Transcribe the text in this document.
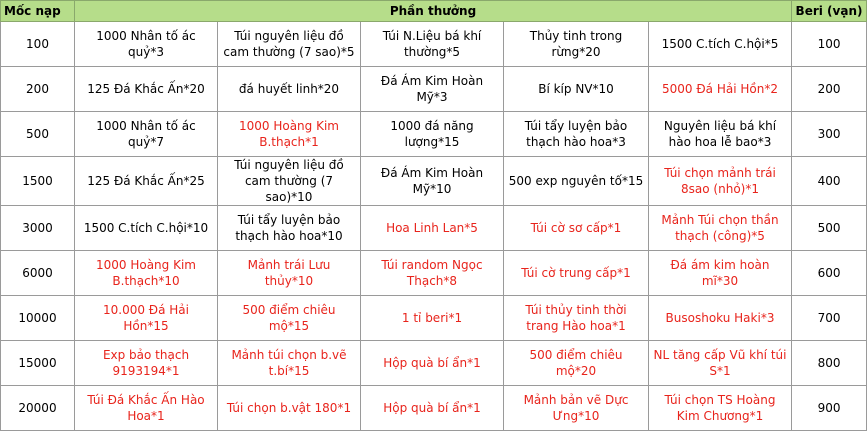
Mốc nạp	Phần thưởng					Beri (vạn)
100	1000 Nhân tố ác quỷ*3	Túi nguyên liệu đồ cam thường (7 sao)*5	Túi N.Liệu bá khí thường*5	Thủy tinh trong rừng*20	1500 C.tích C.hội*5	100
200	125 Đá Khắc Ấn*20	đá huyết linh*20	Đá Ám Kim Hoàn Mỹ*3	Bí kíp NV*10	5000 Đá Hải Hồn*2	200
500	1000 Nhân tố ác quỷ*7	1000 Hoàng Kim B.thạch*1	1000 đá năng lượng*15	Túi tẩy luyện bảo thạch hào hoa*3	Nguyên liệu bá khí hào hoa lễ bao*3	300
1500	125 Đá Khắc Ấn*25	Túi nguyên liệu đồ cam thường (7 sao)*10	Đá Ám Kim Hoàn Mỹ*10	500 exp nguyên tố*15	Túi chọn mảnh trái 8sao (nhỏ)*1	400
3000	1500 C.tích C.hội*10	Túi tẩy luyện bảo thạch hào hoa*10	Hoa Linh Lan*5	Túi cờ sơ cấp*1	Mảnh Túi chọn thần thạch (công)*5	500
6000	1000 Hoàng Kim B.thạch*10	Mảnh trái Lưu thủy*10	Túi random Ngọc Thạch*8	Túi cờ trung cấp*1	Đá ám kim hoàn mĩ*30	600
10000	10.000 Đá Hải Hồn*15	500 điểm chiêu mộ*15	1 tỉ beri*1	Túi thủy tinh thời trang Hào hoa*1	Busoshoku Haki*3	700
15000	Exp bảo thạch 9193194*1	Mảnh túi chọn b.vẽ t.bí*15	Hộp quà bí ẩn*1	500 điểm chiêu mộ*20	NL tăng cấp Vũ khí túi S*1	800
20000	Túi Đá Khắc Ấn Hào Hoa*1	Túi chọn b.vật 180*1	Hộp quà bí ẩn*1	Mảnh bản vẽ Dực Ưng*10	Túi chọn TS Hoàng Kim Chương*1	900
